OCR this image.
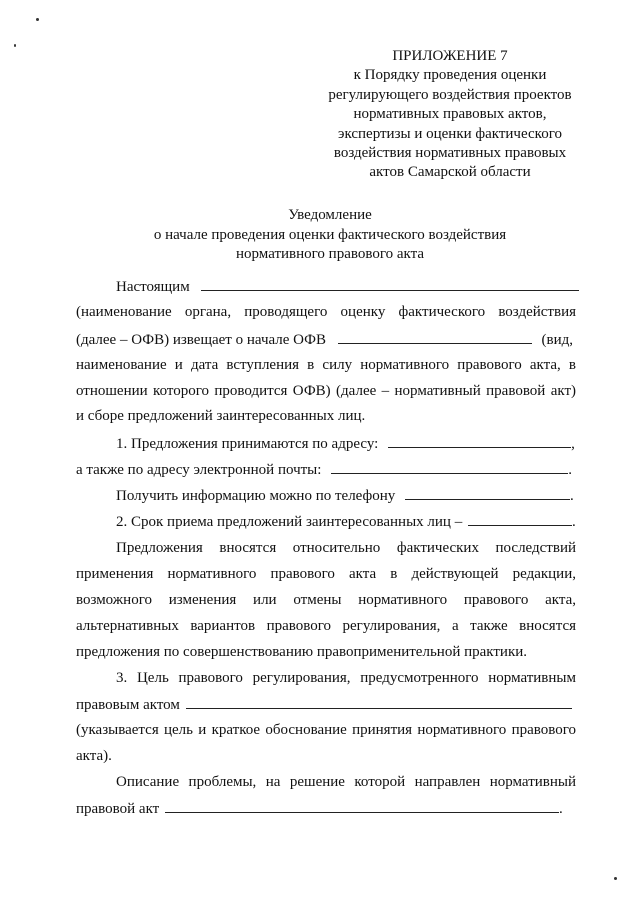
ПРИЛОЖЕНИЕ 7
к Порядку проведения оценки
регулирующего воздействия проектов
нормативных правовых актов,
экспертизы и оценки фактического
воздействия нормативных правовых
актов Самарской области
Уведомление
о начале проведения оценки фактического воздействия
нормативного правового акта
Настоящим
(наименование органа, проводящего оценку фактического воздействия
(далее – ОФВ) извещает о начале ОФВ	(вид,
наименование и дата вступления в силу нормативного правового акта, в
отношении которого проводится ОФВ) (далее – нормативный правовой акт)
и сборе предложений заинтересованных лиц.
1. Предложения принимаются по адресу:	,
а также по адресу электронной почты:	.
Получить информацию можно по телефону	.
2. Срок приема предложений заинтересованных лиц –	.
Предложения вносятся относительно фактических последствий
применения нормативного правового акта в действующей редакции,
возможного изменения или отмены нормативного правового акта,
альтернативных вариантов правового регулирования, а также вносятся
предложения по совершенствованию правоприменительной практики.
3. Цель правового регулирования, предусмотренного нормативным
правовым актом
(указывается цель и краткое обоснование принятия нормативного правового
акта).
Описание проблемы, на решение которой направлен нормативный
правовой акт	.
